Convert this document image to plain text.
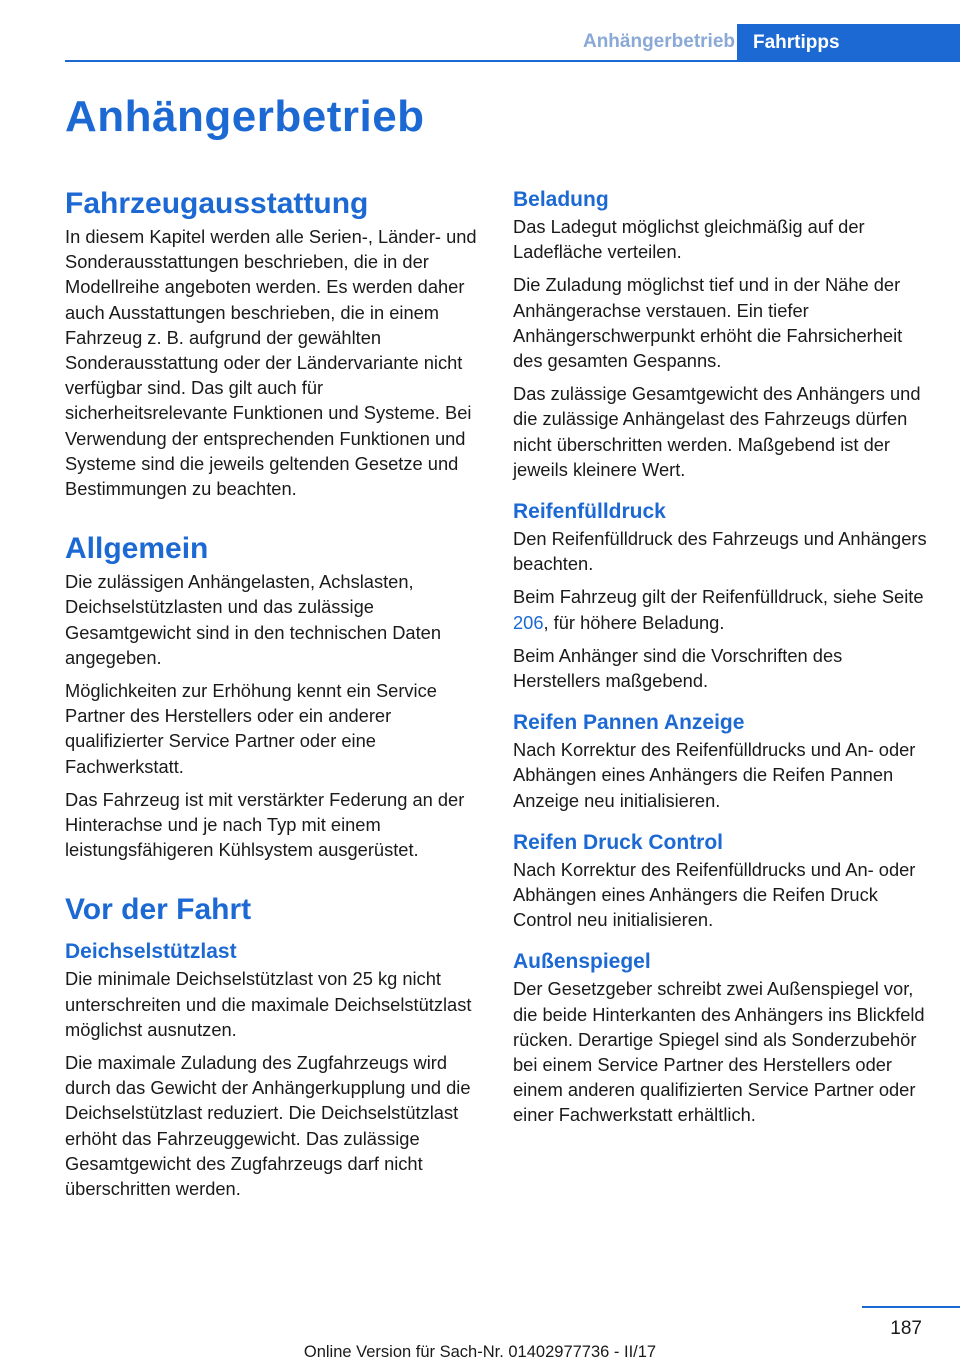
Anhängerbetrieb Fahrtipps
Anhängerbetrieb
Fahrzeugausstattung

In diesem Kapitel werden alle Serien-, Länder- und Sonderausstattungen beschrieben, die in der Modellreihe angeboten werden. Es werden daher auch Ausstattungen beschrieben, die in einem Fahrzeug z. B. aufgrund der gewählten Sonderausstattung oder der Ländervariante nicht verfügbar sind. Das gilt auch für sicherheitsrelevante Funktionen und Systeme. Bei Verwendung der entsprechenden Funktionen und Systeme sind die jeweils geltenden Gesetze und Bestimmungen zu beachten.

Allgemein

Die zulässigen Anhängelasten, Achslasten, Deichselstützlasten und das zulässige Gesamtgewicht sind in den technischen Daten angegeben.

Möglichkeiten zur Erhöhung kennt ein Service Partner des Herstellers oder ein anderer qualifizierter Service Partner oder eine Fachwerkstatt.

Das Fahrzeug ist mit verstärkter Federung an der Hinterachse und je nach Typ mit einem leistungsfähigeren Kühlsystem ausgerüstet.

Vor der Fahrt
Deichselstützlast

Die minimale Deichselstützlast von 25 kg nicht unterschreiten und die maximale Deichselstützlast möglichst ausnutzen.

Die maximale Zuladung des Zugfahrzeugs wird durch das Gewicht der Anhängerkupplung und die Deichselstützlast reduziert. Die Deichselstützlast erhöht das Fahrzeuggewicht. Das zulässige Gesamtgewicht des Zugfahrzeugs darf nicht überschritten werden.

Beladung

Das Ladegut möglichst gleichmäßig auf der Ladefläche verteilen.

Die Zuladung möglichst tief und in der Nähe der Anhängerachse verstauen. Ein tiefer Anhängerschwerpunkt erhöht die Fahrsicherheit des gesamten Gespanns.

Das zulässige Gesamtgewicht des Anhängers und die zulässige Anhängelast des Fahrzeugs dürfen nicht überschritten werden. Maßgebend ist der jeweils kleinere Wert.

Reifenfülldruck

Den Reifenfülldruck des Fahrzeugs und Anhängers beachten.

Beim Fahrzeug gilt der Reifenfülldruck, siehe Seite 206, für höhere Beladung.

Beim Anhänger sind die Vorschriften des Herstellers maßgebend.

Reifen Pannen Anzeige

Nach Korrektur des Reifenfülldrucks und An- oder Abhängen eines Anhängers die Reifen Pannen Anzeige neu initialisieren.

Reifen Druck Control

Nach Korrektur des Reifenfülldrucks und An- oder Abhängen eines Anhängers die Reifen Druck Control neu initialisieren.

Außenspiegel

Der Gesetzgeber schreibt zwei Außenspiegel vor, die beide Hinterkanten des Anhängers ins Blickfeld rücken. Derartige Spiegel sind als Sonderzubehör bei einem Service Partner des Herstellers oder einem anderen qualifizierten Service Partner oder einer Fachwerkstatt erhältlich.

187
Online Version für Sach-Nr. 01402977736 - II/17
